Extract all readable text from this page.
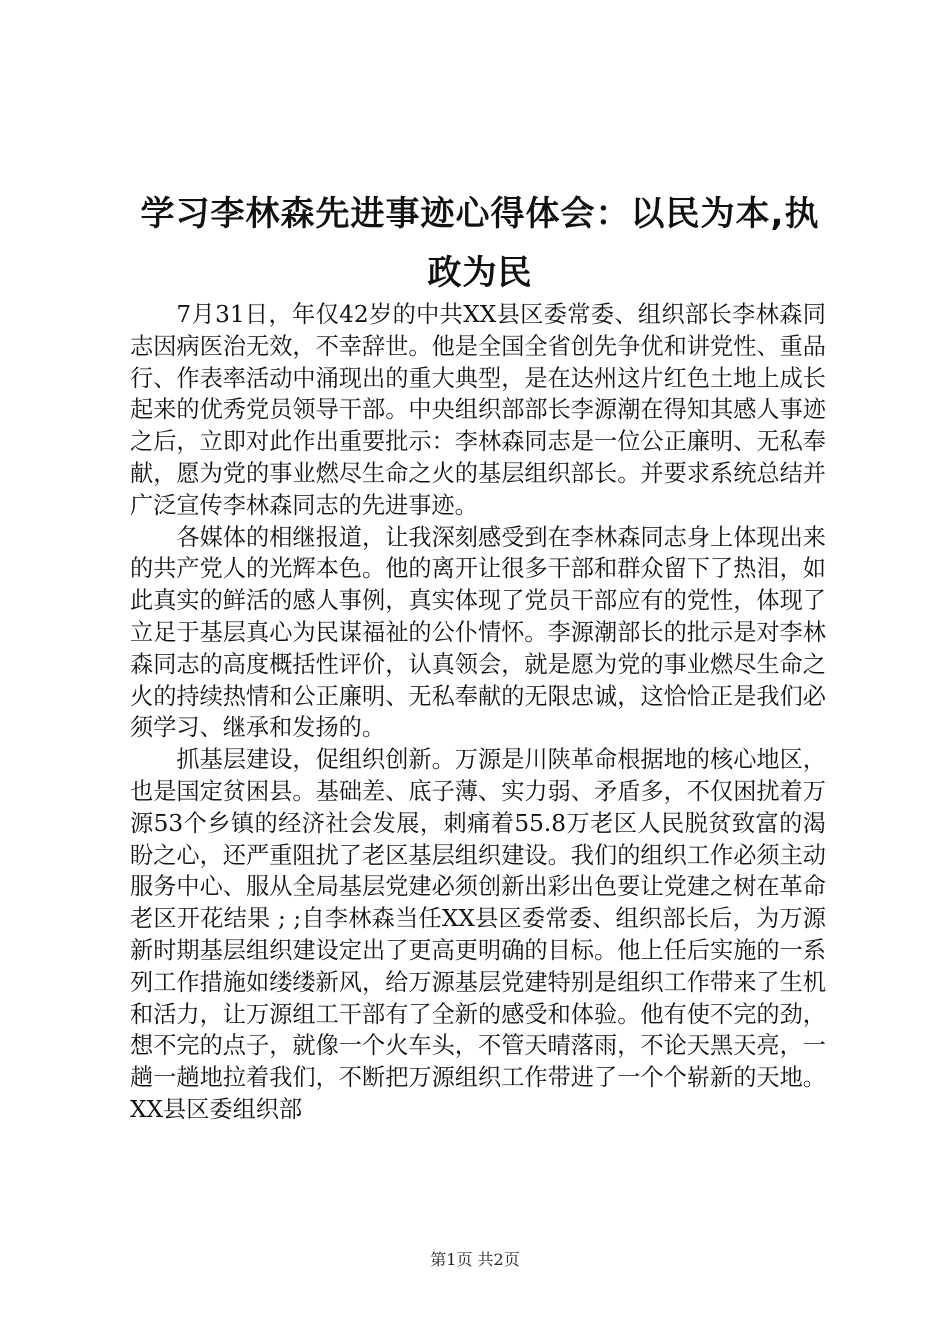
学习李林森先进事迹心得体会：以民为本,执
政为民

7月31日，年仅42岁的中共XX县区委常委、组织部长李林森同志因病医治无效，不幸辞世。他是全国全省创先争优和讲党性、重品行、作表率活动中涌现出的重大典型，是在达州这片红色土地上成长起来的优秀党员领导干部。中央组织部部长李源潮在得知其感人事迹之后，立即对此作出重要批示：李林森同志是一位公正廉明、无私奉献，愿为党的事业燃尽生命之火的基层组织部长。并要求系统总结并广泛宣传李林森同志的先进事迹。

各媒体的相继报道，让我深刻感受到在李林森同志身上体现出来的共产党人的光辉本色。他的离开让很多干部和群众留下了热泪，如此真实的鲜活的感人事例，真实体现了党员干部应有的党性，体现了立足于基层真心为民谋福祉的公仆情怀。李源潮部长的批示是对李林森同志的高度概括性评价，认真领会，就是愿为党的事业燃尽生命之火的持续热情和公正廉明、无私奉献的无限忠诚，这恰恰正是我们必须学习、继承和发扬的。

抓基层建设，促组织创新。万源是川陕革命根据地的核心地区，也是国定贫困县。基础差、底子薄、实力弱、矛盾多，不仅困扰着万源53个乡镇的经济社会发展，刺痛着55.8万老区人民脱贫致富的渴盼之心，还严重阻扰了老区基层组织建设。我们的组织工作必须主动服务中心、服从全局基层党建必须创新出彩出色要让党建之树在革命老区开花结果 ; ;自李林森当任XX县区委常委、组织部长后，为万源新时期基层组织建设定出了更高更明确的目标。他上任后实施的一系列工作措施如缕缕新风，给万源基层党建特别是组织工作带来了生机和活力，让万源组工干部有了全新的感受和体验。他有使不完的劲，想不完的点子，就像一个火车头，不管天晴落雨，不论天黑天亮，一趟一趟地拉着我们，不断把万源组织工作带进了一个个崭新的天地。XX县区委组织部

第1页 共2页
